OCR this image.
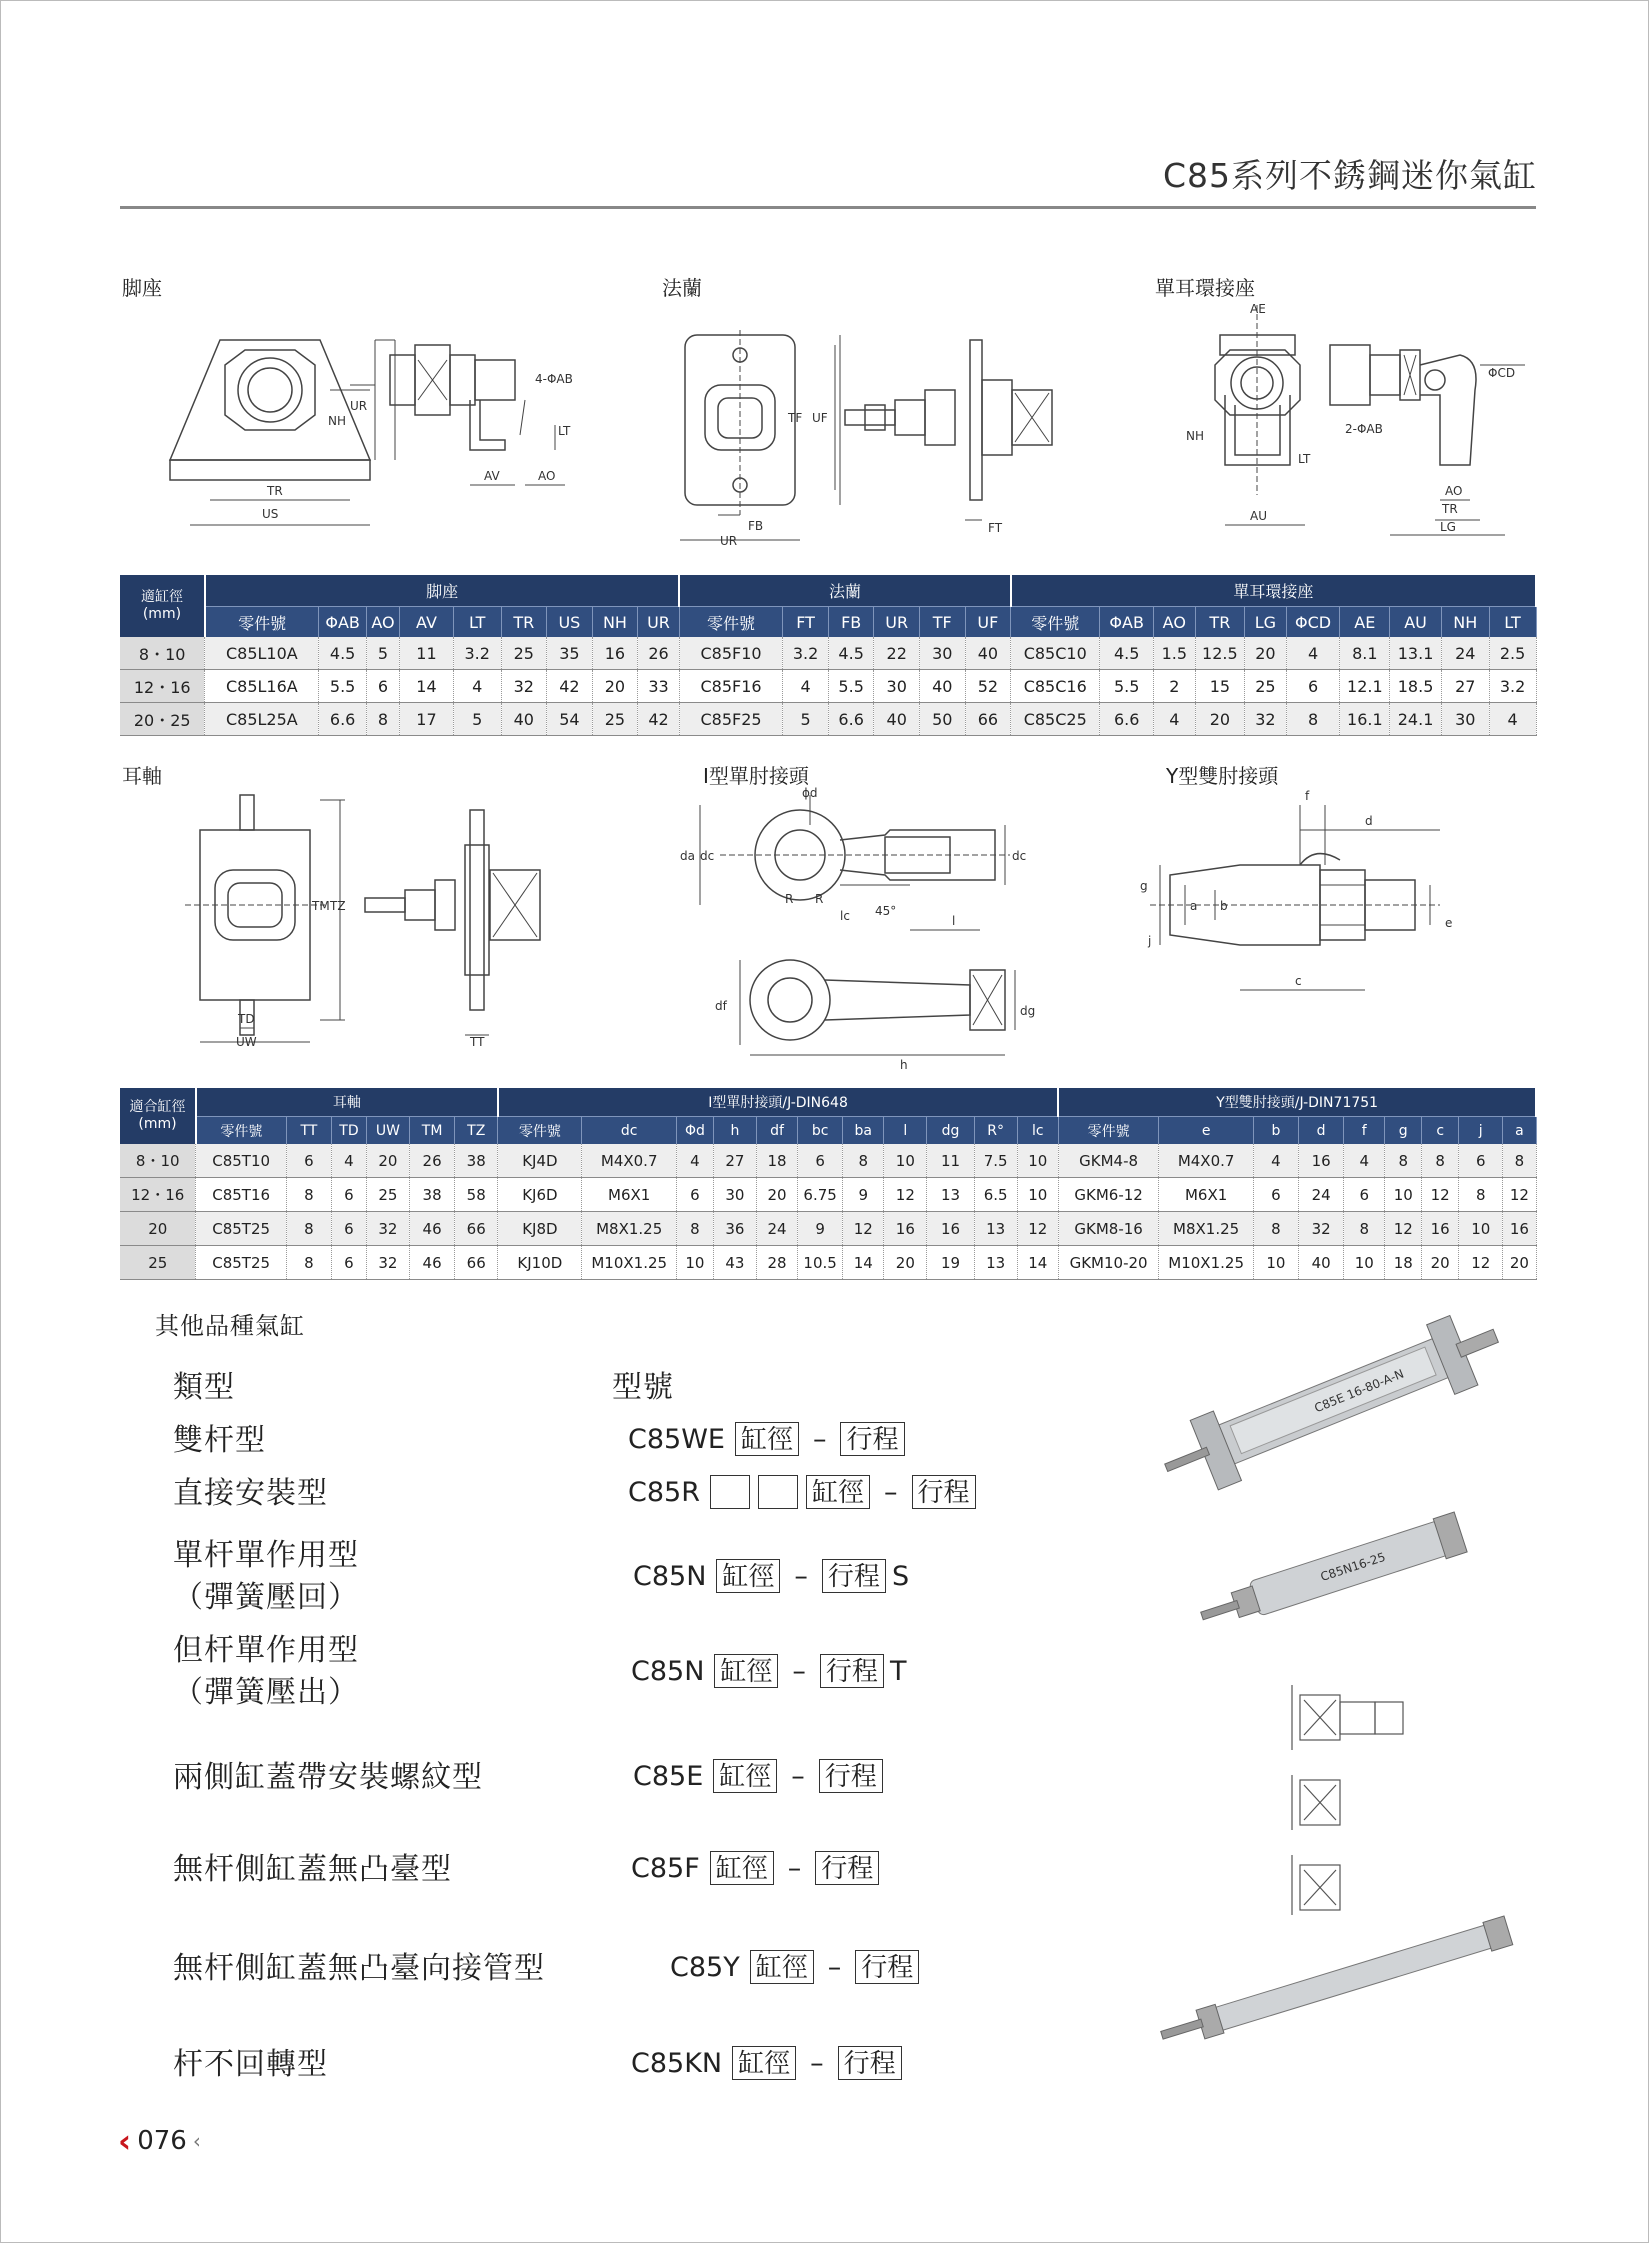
C85系列不銹鋼迷你氣缸
脚座	法蘭	單耳環接座
4-ΦAB
UR
NH
LT
TR
US
AV	AO
TF UF
FB
UR
FT
AE
ΦCD
2-ΦAB
NH
LT
AU
AO
TR
LG
適缸徑
(mm)	脚座									法蘭						單耳環接座									
	零件號	ΦAB	AO	AV	LT	TR	US	NH	UR	零件號	FT	FB	UR	TF	UF	零件號	ΦAB	AO	TR	LG	ΦCD	AE	AU	NH	LT
8・10	C85L10A	4.5	5	11	3.2	25	35	16	26	C85F10	3.2	4.5	22	30	40	C85C10	4.5	1.5	12.5	20	4	8.1	13.1	24	2.5
12・16	C85L16A	5.5	6	14	4	32	42	20	33	C85F16	4	5.5	30	40	52	C85C16	5.5	2	15	25	6	12.1	18.5	27	3.2
20・25	C85L25A	6.6	8	17	5	40	54	25	42	C85F25	5	6.6	40	50	66	C85C25	6.6	4	20	32	8	16.1	24.1	30	4
耳軸	I型單肘接頭	Y型雙肘接頭
TM TZ
TD
UW	TT
ϕd
da dc	dc
R R
lc 45°
l
df	dg
h
f
d
g
a b
j
e
c
適合缸徑
(mm)	耳軸						I型單肘接頭/J-DIN648											Y型雙肘接頭/J-DIN71751								
	零件號	TT	TD	UW	TM	TZ	零件號	dc	Φd	h	df	bc	ba	l	dg	R°	lc	零件號	e	b	d	f	g	c	j	a
8・10	C85T10	6	4	20	26	38	KJ4D	M4X0.7	4	27	18	6	8	10	11	7.5	10	GKM4-8	M4X0.7	4	16	4	8	8	6	8
12・16	C85T16	8	6	25	38	58	KJ6D	M6X1	6	30	20	6.75	9	12	13	6.5	10	GKM6-12	M6X1	6	24	6	10	12	8	12
20	C85T25	8	6	32	46	66	KJ8D	M8X1.25	8	36	24	9	12	16	16	13	12	GKM8-16	M8X1.25	8	32	8	12	16	10	16
25	C85T25	8	6	32	46	66	KJ10D	M10X1.25	10	43	28	10.5	14	20	19	13	14	GKM10-20	M10X1.25	10	40	10	18	20	12	20
其他品種氣缸
類型	型號
雙杆型	C85WE 缸徑 – 行程
直接安裝型	C85R	缸徑 – 行程
單杆單作用型
（彈簧壓回）
C85N 缸徑 – 行程 S
但杆單作用型
（彈簧壓出）
C85N 缸徑 – 行程 T
兩側缸蓋帶安裝螺紋型	C85E 缸徑 – 行程
無杆側缸蓋無凸臺型	C85F 缸徑 – 行程
無杆側缸蓋無凸臺向接管型	C85Y 缸徑 – 行程
杆不回轉型	C85KN 缸徑 – 行程
C85E 16-80-A-N
C85N16-25
‹ 076 ‹
